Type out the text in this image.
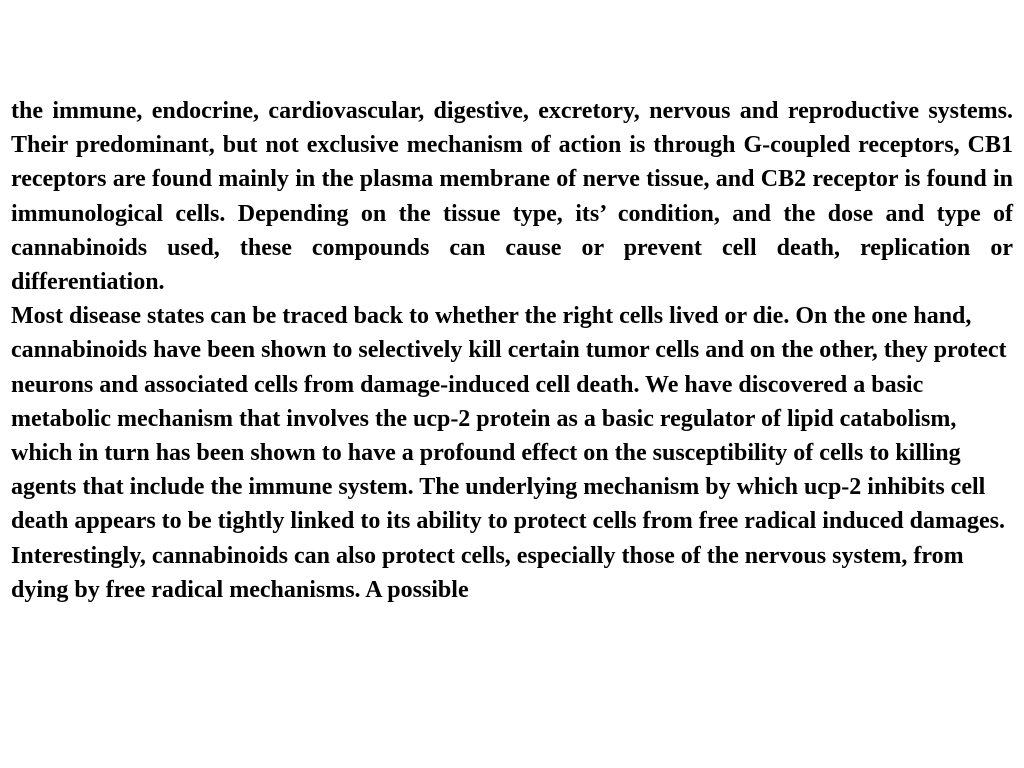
the immune, endocrine, cardiovascular, digestive, excretory, nervous and reproductive systems. Their predominant, but not exclusive mechanism of action is through G-coupled receptors, CB1 receptors are found mainly in the plasma membrane of nerve tissue, and CB2 receptor is found in immunological cells. Depending on the tissue type, its’ condition, and the dose and type of cannabinoids used, these compounds can cause or prevent cell death, replication or differentiation.

Most disease states can be traced back to whether the right cells lived or die. On the one hand, cannabinoids have been shown to selectively kill certain tumor cells and on the other, they protect neurons and associated cells from damage-induced cell death. We have discovered a basic metabolic mechanism that involves the ucp-2 protein as a basic regulator of lipid catabolism, which in turn has been shown to have a profound effect on the susceptibility of cells to killing agents that include the immune system. The underlying mechanism by which ucp-2 inhibits cell death appears to be tightly linked to its ability to protect cells from free radical induced damages. Interestingly, cannabinoids can also protect cells, especially those of the nervous system, from dying by free radical mechanisms. A possible
